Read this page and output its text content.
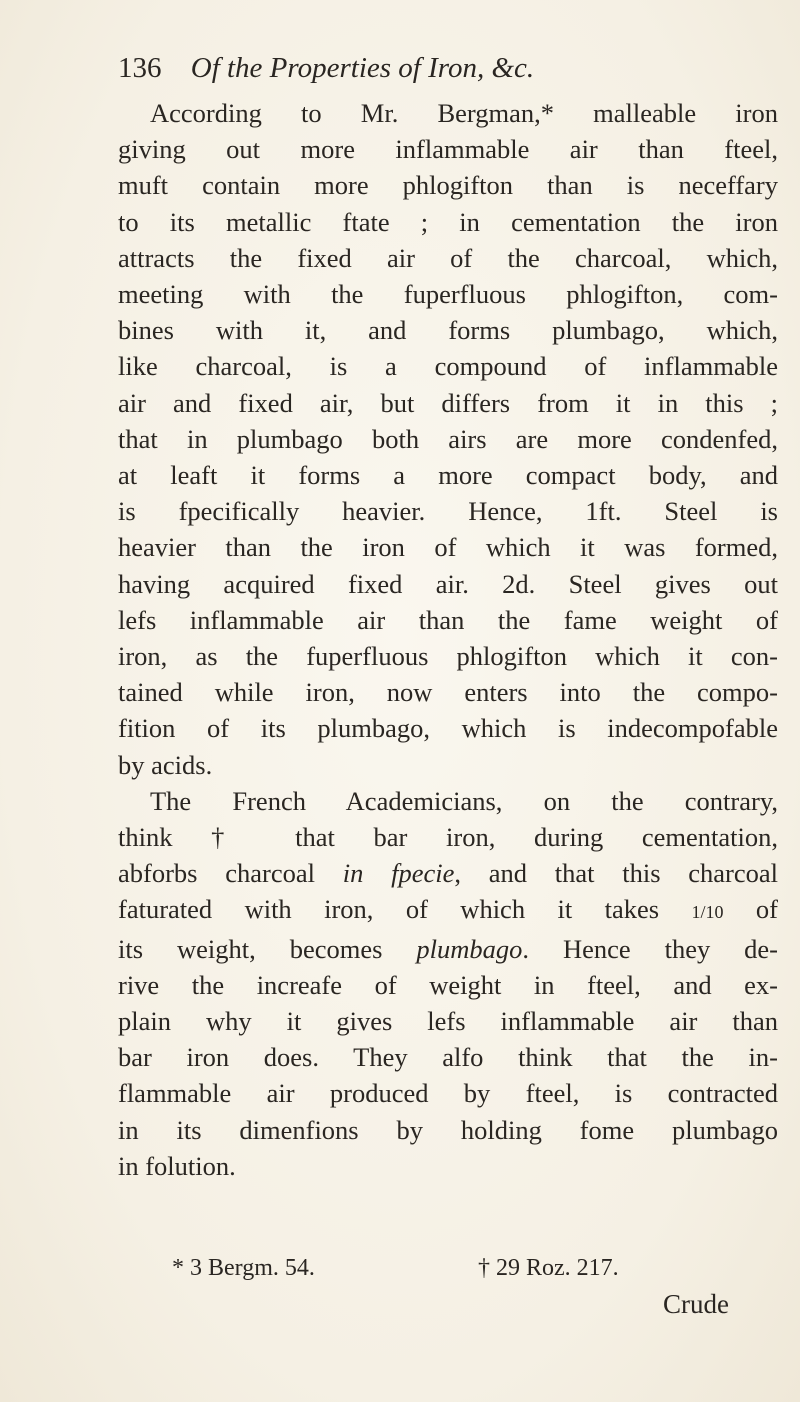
136 Of the Properties of Iron, &c.

According to Mr. Bergman,* malleable iron
giving out more inflammable air than fteel,
muft contain more phlogifton than is neceffary
to its metallic ftate ; in cementation the iron
attracts the fixed air of the charcoal, which,
meeting with the fuperfluous phlogifton, com-
bines with it, and forms plumbago, which,
like charcoal, is a compound of inflammable
air and fixed air, but differs from it in this ;
that in plumbago both airs are more condenfed,
at leaft it forms a more compact body, and
is fpecifically heavier. Hence, 1ft. Steel is
heavier than the iron of which it was formed,
having acquired fixed air. 2d. Steel gives out
lefs inflammable air than the fame weight of
iron, as the fuperfluous phlogifton which it con-
tained while iron, now enters into the compo-
fition of its plumbago, which is indecompofable
by acids.

The French Academicians, on the contrary,
think † that bar iron, during cementation,
abforbs charcoal in fpecie, and that this charcoal
faturated with iron, of which it takes 1/10 of
its weight, becomes plumbago. Hence they de-
rive the increafe of weight in fteel, and ex-
plain why it gives lefs inflammable air than
bar iron does. They alfo think that the in-
flammable air produced by fteel, is contracted
in its dimenfions by holding fome plumbago
in folution.

* 3 Bergm. 54.	† 29 Roz. 217.
Crude
